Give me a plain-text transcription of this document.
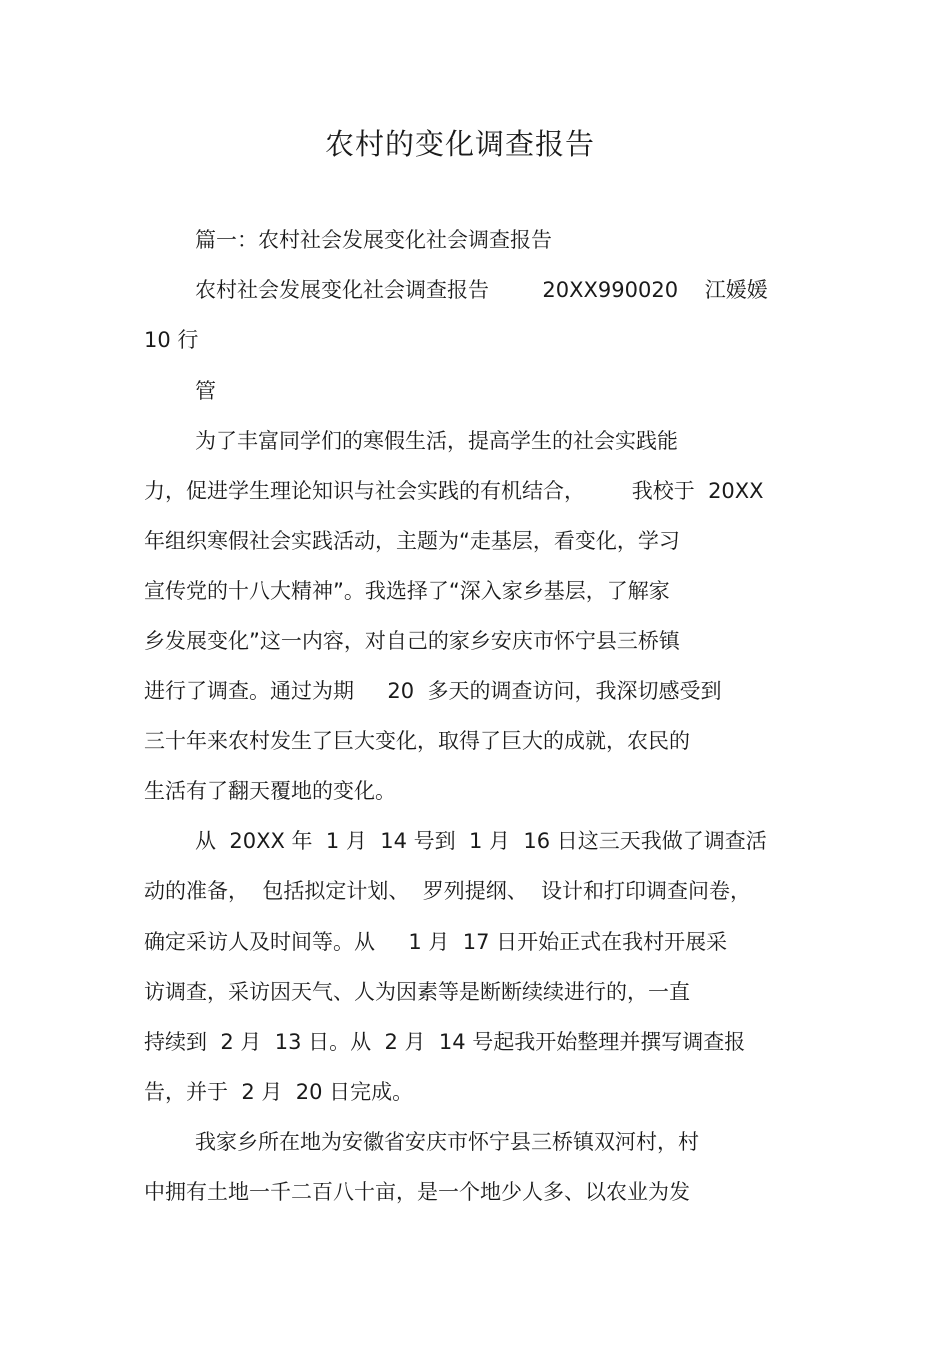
农村的变化调查报告
篇一：农村社会发展变化社会调查报告
农村社会发展变化社会调查报告        20XX990020    江媛媛
10 行
管
为了丰富同学们的寒假生活，提高学生的社会实践能
力，促进学生理论知识与社会实践的有机结合，       我校于  20XX
年组织寒假社会实践活动，主题为“走基层，看变化，学习
宣传党的十八大精神”。我选择了“深入家乡基层，了解家
乡发展变化”这一内容，对自己的家乡安庆市怀宁县三桥镇
进行了调查。通过为期     20  多天的调查访问，我深切感受到
三十年来农村发生了巨大变化，取得了巨大的成就，农民的
生活有了翻天覆地的变化。
从  20XX 年  1 月  14 号到  1 月  16 日这三天我做了调查活
动的准备，  包括拟定计划、  罗列提纲、  设计和打印调查问卷，
确定采访人及时间等。从     1 月  17 日开始正式在我村开展采
访调查，采访因天气、人为因素等是断断续续进行的，一直
持续到  2 月  13 日。从  2 月  14 号起我开始整理并撰写调查报
告，并于  2 月  20 日完成。
我家乡所在地为安徽省安庆市怀宁县三桥镇双河村，村
中拥有土地一千二百八十亩，是一个地少人多、以农业为发
